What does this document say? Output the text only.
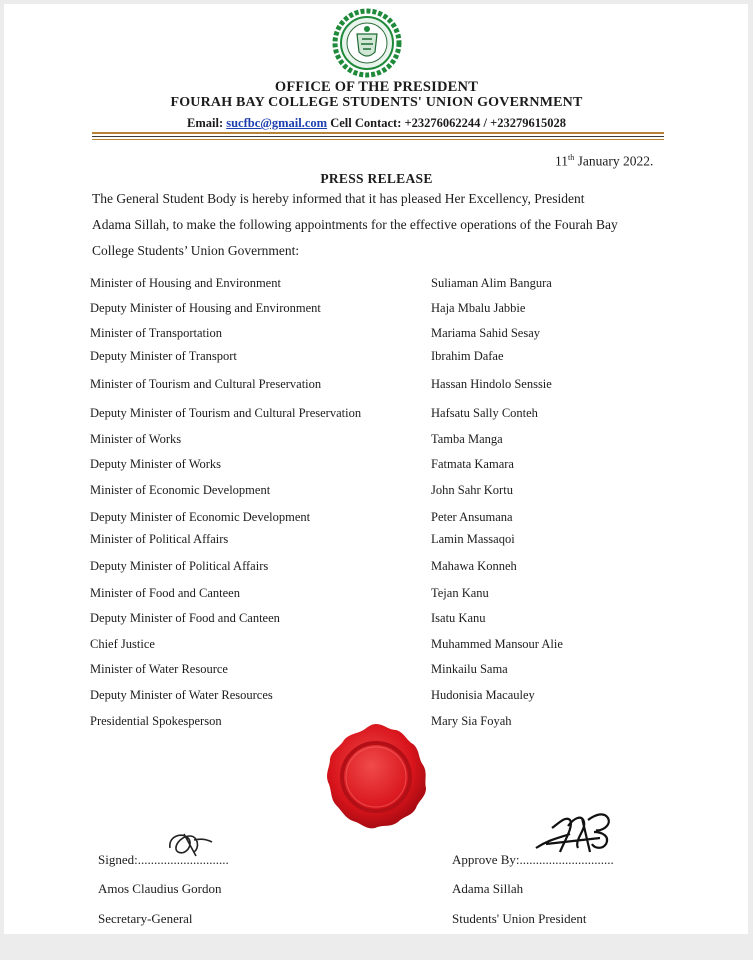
OFFICE OF THE PRESIDENT
FOURAH BAY COLLEGE STUDENTS' UNION GOVERNMENT
Email: sucfbc@gmail.com Cell Contact: +23276062244 / +23279615028
11th January 2022.
PRESS RELEASE
The General Student Body is hereby informed that it has pleased Her Excellency, President
Adama Sillah, to make the following appointments for the effective operations of the Fourah Bay
College Students’ Union Government:
Minister of Housing and Environment	Suliaman Alim Bangura
Deputy Minister of Housing and Environment	Haja Mbalu Jabbie
Minister of Transportation	Mariama Sahid Sesay
Deputy Minister of Transport	Ibrahim Dafae
Minister of Tourism and Cultural Preservation	Hassan Hindolo Senssie
Deputy Minister of Tourism and Cultural Preservation	Hafsatu Sally Conteh
Minister of Works	Tamba Manga
Deputy Minister of Works	Fatmata Kamara
Minister of Economic Development	John Sahr Kortu
Deputy Minister of Economic Development	Peter Ansumana
Minister of Political Affairs	Lamin Massaqoi
Deputy Minister of Political Affairs	Mahawa Konneh
Minister of Food and Canteen	Tejan Kanu
Deputy Minister of Food and Canteen	Isatu Kanu
Chief Justice	Muhammed Mansour Alie
Minister of Water Resource	Minkailu Sama
Deputy Minister of Water Resources	Hudonisia Macauley
Presidential Spokesperson	Mary Sia Foyah
Signed:............................
Amos Claudius Gordon
Secretary-General
Approve By:.............................
Adama Sillah
Students' Union President
